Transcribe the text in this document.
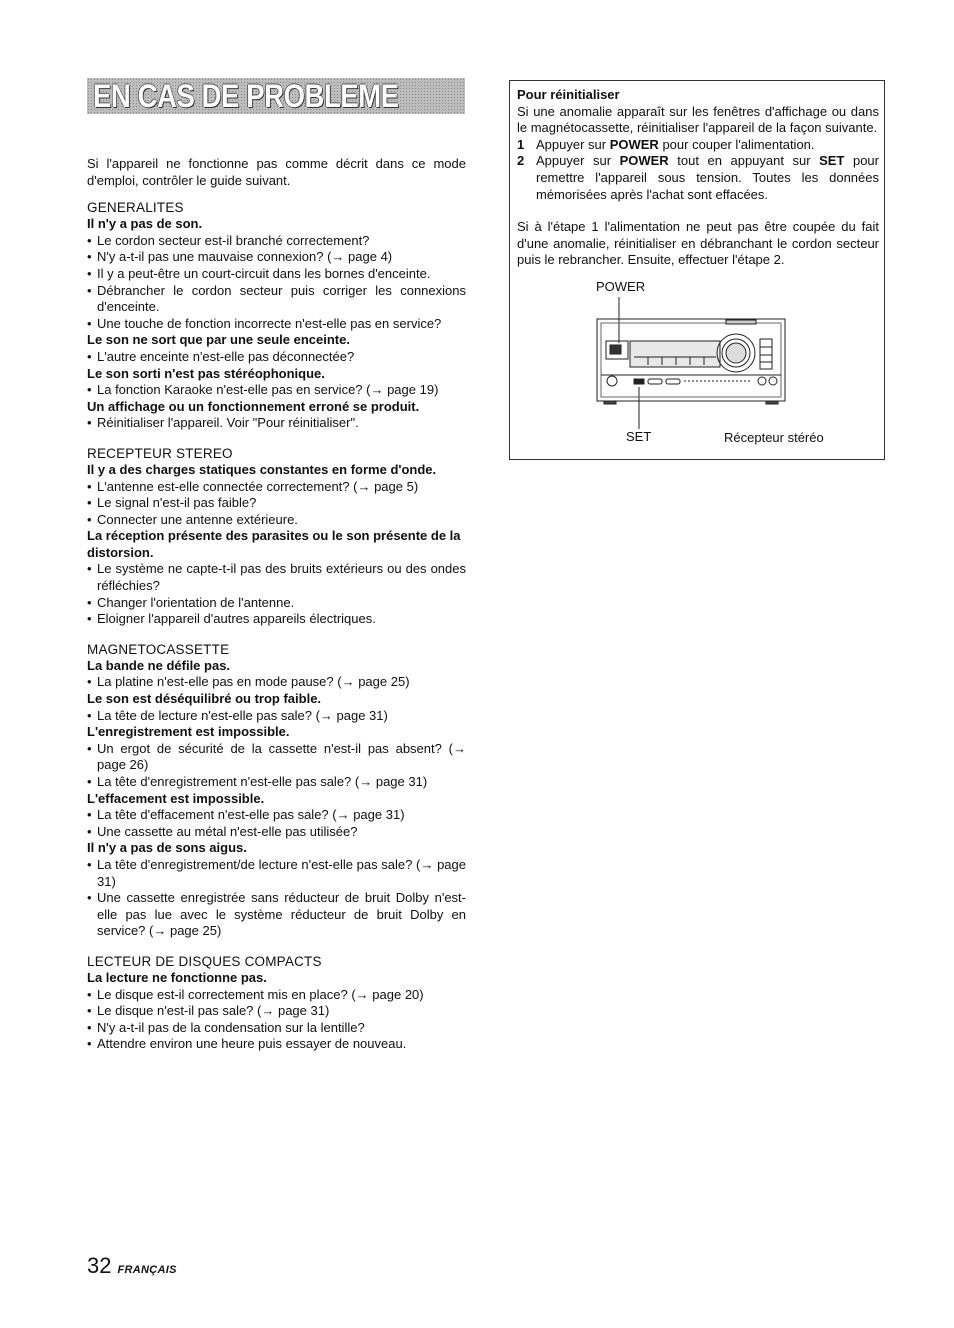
EN CAS DE PROBLEME

Si l'appareil ne fonctionne pas comme décrit dans ce mode d'emploi, contrôler le guide suivant.

GENERALITES

Il n'y a pas de son.

• Le cordon secteur est-il branché correctement?
• N'y a-t-il pas une mauvaise connexion? (→ page 4)
• Il y a peut-être un court-circuit dans les bornes d'enceinte.
• Débrancher le cordon secteur puis corriger les connexions d'enceinte.
• Une touche de fonction incorrecte n'est-elle pas en service?

Le son ne sort que par une seule enceinte.

• L'autre enceinte n'est-elle pas déconnectée?

Le son sorti n'est pas stéréophonique.

• La fonction Karaoke n'est-elle pas en service? (→ page 19)

Un affichage ou un fonctionnement erroné se produit.

• Réinitialiser l'appareil. Voir "Pour réinitialiser".

RECEPTEUR STEREO

Il y a des charges statiques constantes en forme d'onde.

• L'antenne est-elle connectée correctement? (→ page 5)
• Le signal n'est-il pas faible?
• Connecter une antenne extérieure.

La réception présente des parasites ou le son présente de la distorsion.

• Le système ne capte-t-il pas des bruits extérieurs ou des ondes réfléchies?
• Changer l'orientation de l'antenne.
• Eloigner l'appareil d'autres appareils électriques.

MAGNETOCASSETTE

La bande ne défile pas.

• La platine n'est-elle pas en mode pause? (→ page 25)

Le son est déséquilibré ou trop faible.

• La tête de lecture n'est-elle pas sale? (→ page 31)

L'enregistrement est impossible.

• Un ergot de sécurité de la cassette n'est-il pas absent? (→ page 26)
• La tête d'enregistrement n'est-elle pas sale? (→ page 31)

L'effacement est impossible.

• La tête d'effacement n'est-elle pas sale? (→ page 31)
• Une cassette au métal n'est-elle pas utilisée?

Il n'y a pas de sons aigus.

• La tête d'enregistrement/de lecture n'est-elle pas sale? (→ page 31)
• Une cassette enregistrée sans réducteur de bruit Dolby n'est-elle pas lue avec le système réducteur de bruit Dolby en service? (→ page 25)

LECTEUR DE DISQUES COMPACTS

La lecture ne fonctionne pas.

• Le disque est-il correctement mis en place? (→ page 20)
• Le disque n'est-il pas sale? (→ page 31)
• N'y a-t-il pas de la condensation sur la lentille?
• Attendre environ une heure puis essayer de nouveau.

Pour réinitialiser

Si une anomalie apparaît sur les fenêtres d'affichage ou dans le magnétocassette, réinitialiser l'appareil de la façon suivante.

1 Appuyer sur POWER pour couper l'alimentation.
2 Appuyer sur POWER tout en appuyant sur SET pour remettre l'appareil sous tension. Toutes les données mémorisées après l'achat sont effacées.

Si à l'étape 1 l'alimentation ne peut pas être coupée du fait d'une anomalie, réinitialiser en débranchant le cordon secteur puis le rebrancher. Ensuite, effectuer l'étape 2.

POWER
SET	Récepteur stéréo
32 FRANÇAIS
